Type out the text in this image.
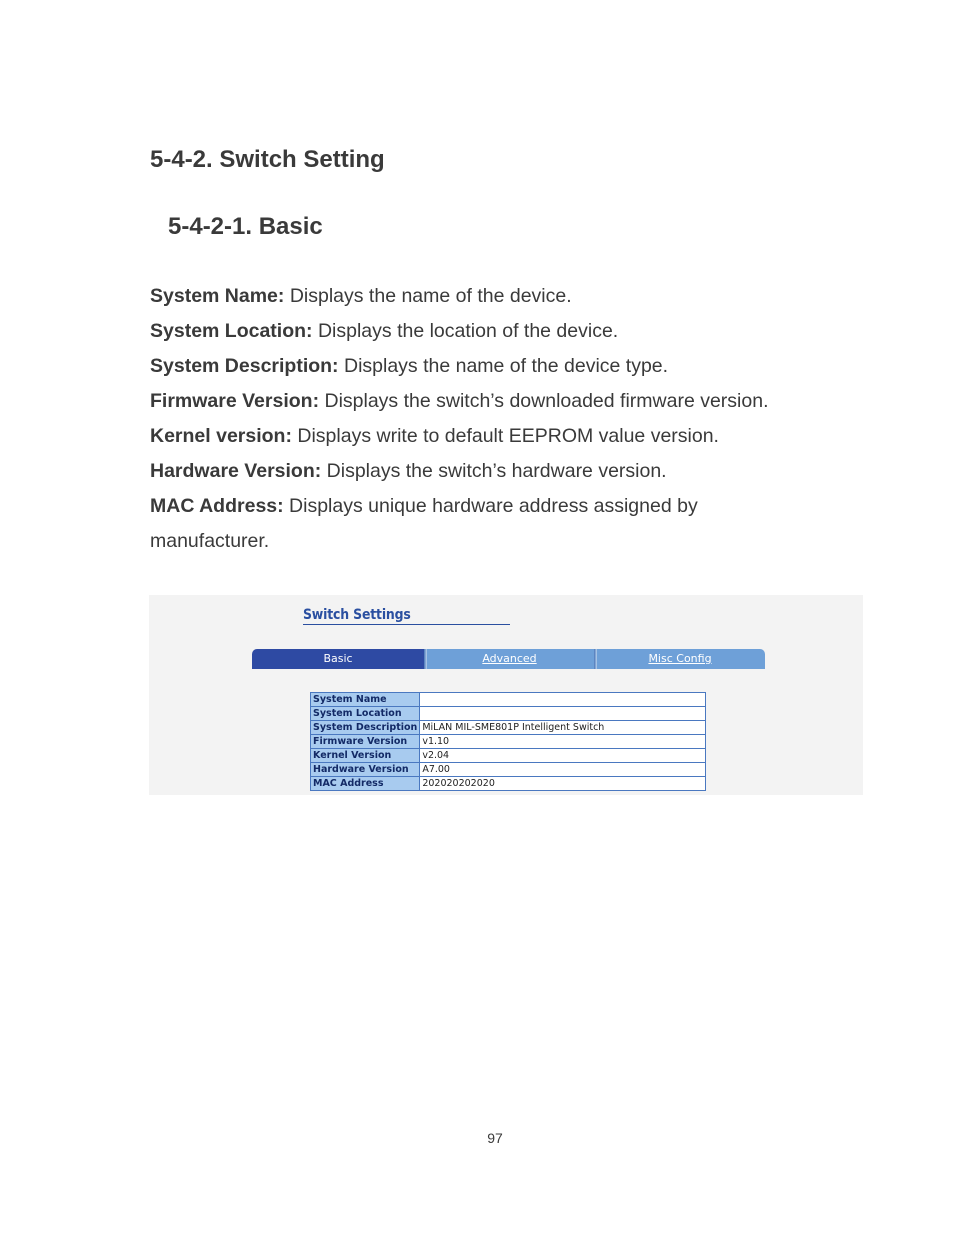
5-4-2. Switch Setting
5-4-2-1. Basic
System Name: Displays the name of the device.
System Location: Displays the location of the device.
System Description: Displays the name of the device type.
Firmware Version: Displays the switch’s downloaded firmware version.
Kernel version: Displays write to default EEPROM value version.
Hardware Version: Displays the switch’s hardware version.
MAC Address: Displays unique hardware address assigned by manufacturer.
Switch Settings
Basic	Advanced	Misc Config
System Name	
System Location	
System Description	MiLAN MIL-SME801P Intelligent Switch
Firmware Version	v1.10
Kernel Version	v2.04
Hardware Version	A7.00
MAC Address	202020202020
97
